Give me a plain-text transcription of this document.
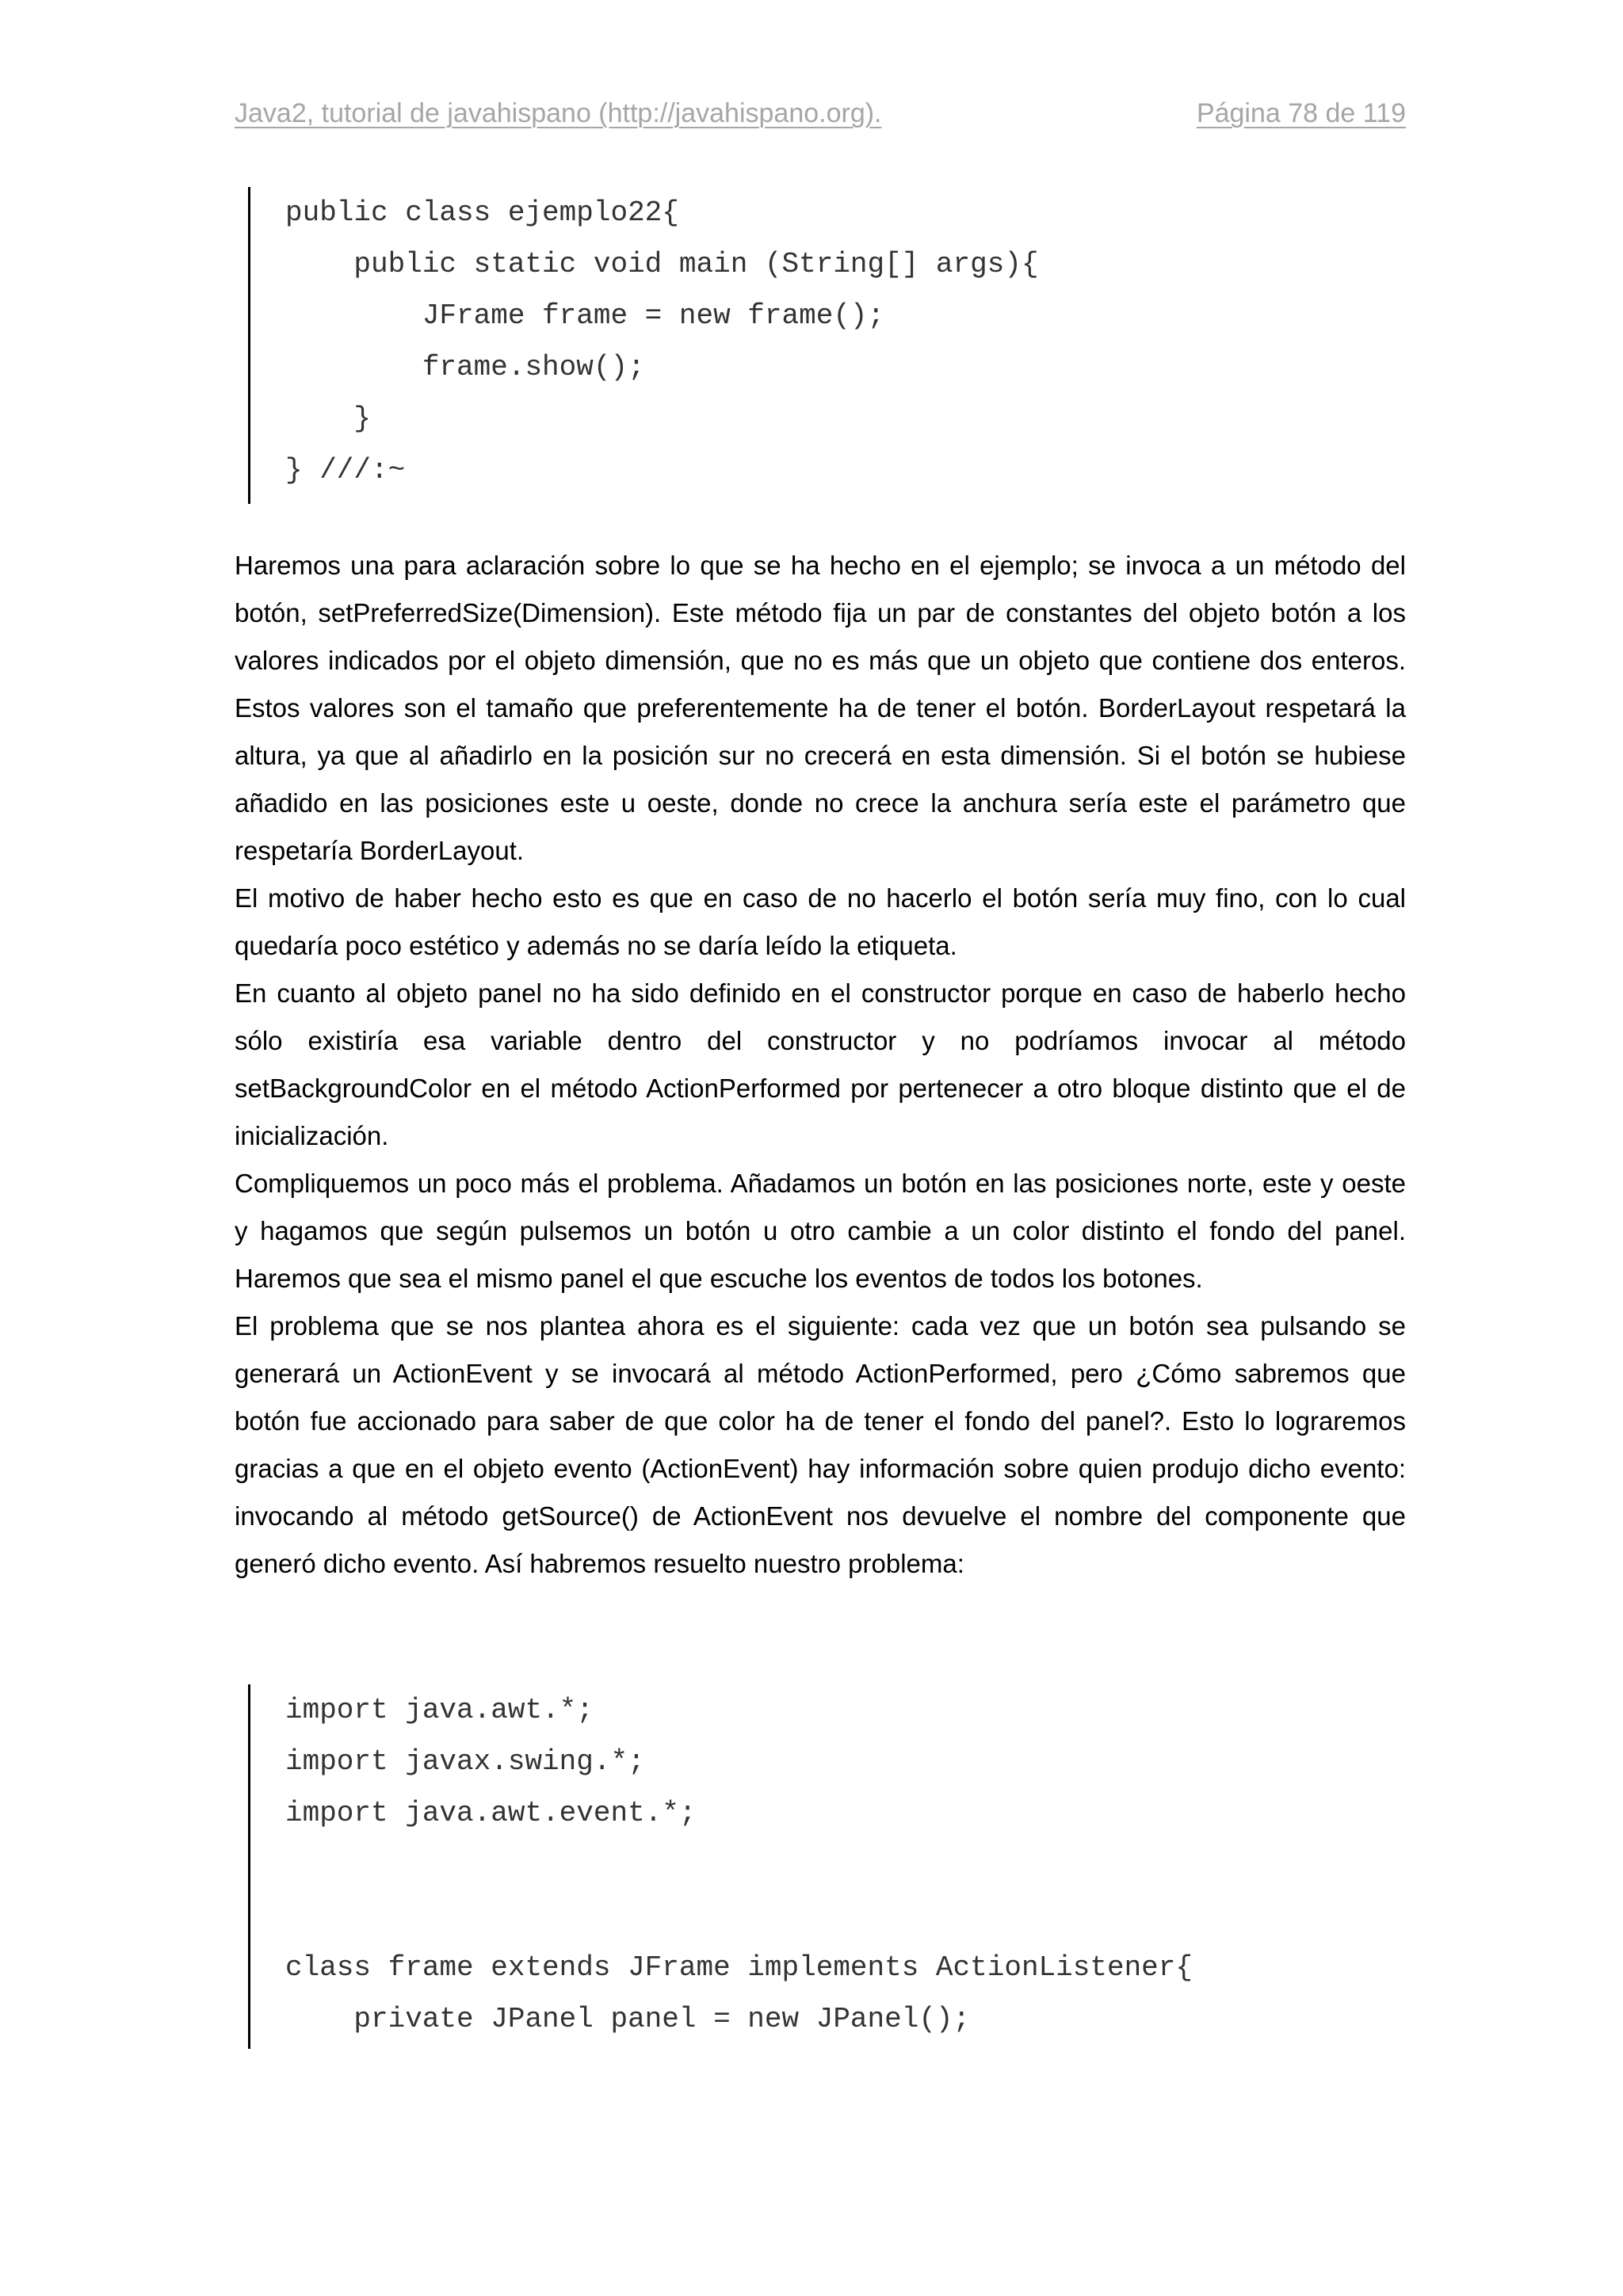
Java2, tutorial de javahispano (http://javahispano.org).	Página 78 de 119
public class ejemplo22{
public static void main (String[] args){
JFrame frame = new frame();
frame.show();
}
} ///:~

Haremos una para aclaración sobre lo que se ha hecho en el ejemplo; se invoca a un método del botón, setPreferredSize(Dimension). Este método fija un par de constantes del objeto botón a los valores indicados por el objeto dimensión, que no es más que un objeto que contiene dos enteros. Estos valores son el tamaño que preferentemente ha de tener el botón. BorderLayout respetará la altura, ya que al añadirlo en la posición sur no crecerá en esta dimensión. Si el botón se hubiese añadido en las posiciones este u oeste, donde no crece la anchura sería este el parámetro que respetaría BorderLayout.

El motivo de haber hecho esto es que en caso de no hacerlo el botón sería muy fino, con lo cual quedaría poco estético y además no se daría leído la etiqueta.

En cuanto al objeto panel no ha sido definido en el constructor porque en caso de haberlo hecho sólo existiría esa variable dentro del constructor y no podríamos invocar al método setBackgroundColor en el método ActionPerformed por pertenecer a otro bloque distinto que el de inicialización.

Compliquemos un poco más el problema. Añadamos un botón en las posiciones norte, este y oeste y hagamos que según pulsemos un botón u otro cambie a un color distinto el fondo del panel. Haremos que sea el mismo panel el que escuche los eventos de todos los botones.

El problema que se nos plantea ahora es el siguiente: cada vez que un botón sea pulsando se generará un ActionEvent y se invocará al método ActionPerformed, pero ¿Cómo sabremos que botón fue accionado para saber de que color ha de tener el fondo del panel?. Esto lo lograremos gracias a que en el objeto evento (ActionEvent) hay información sobre quien produjo dicho evento: invocando al método getSource() de ActionEvent nos devuelve el nombre del componente que generó dicho evento. Así habremos resuelto nuestro problema:

import java.awt.*;
import javax.swing.*;
import java.awt.event.*;
class frame extends JFrame implements ActionListener{
private JPanel panel = new JPanel();
